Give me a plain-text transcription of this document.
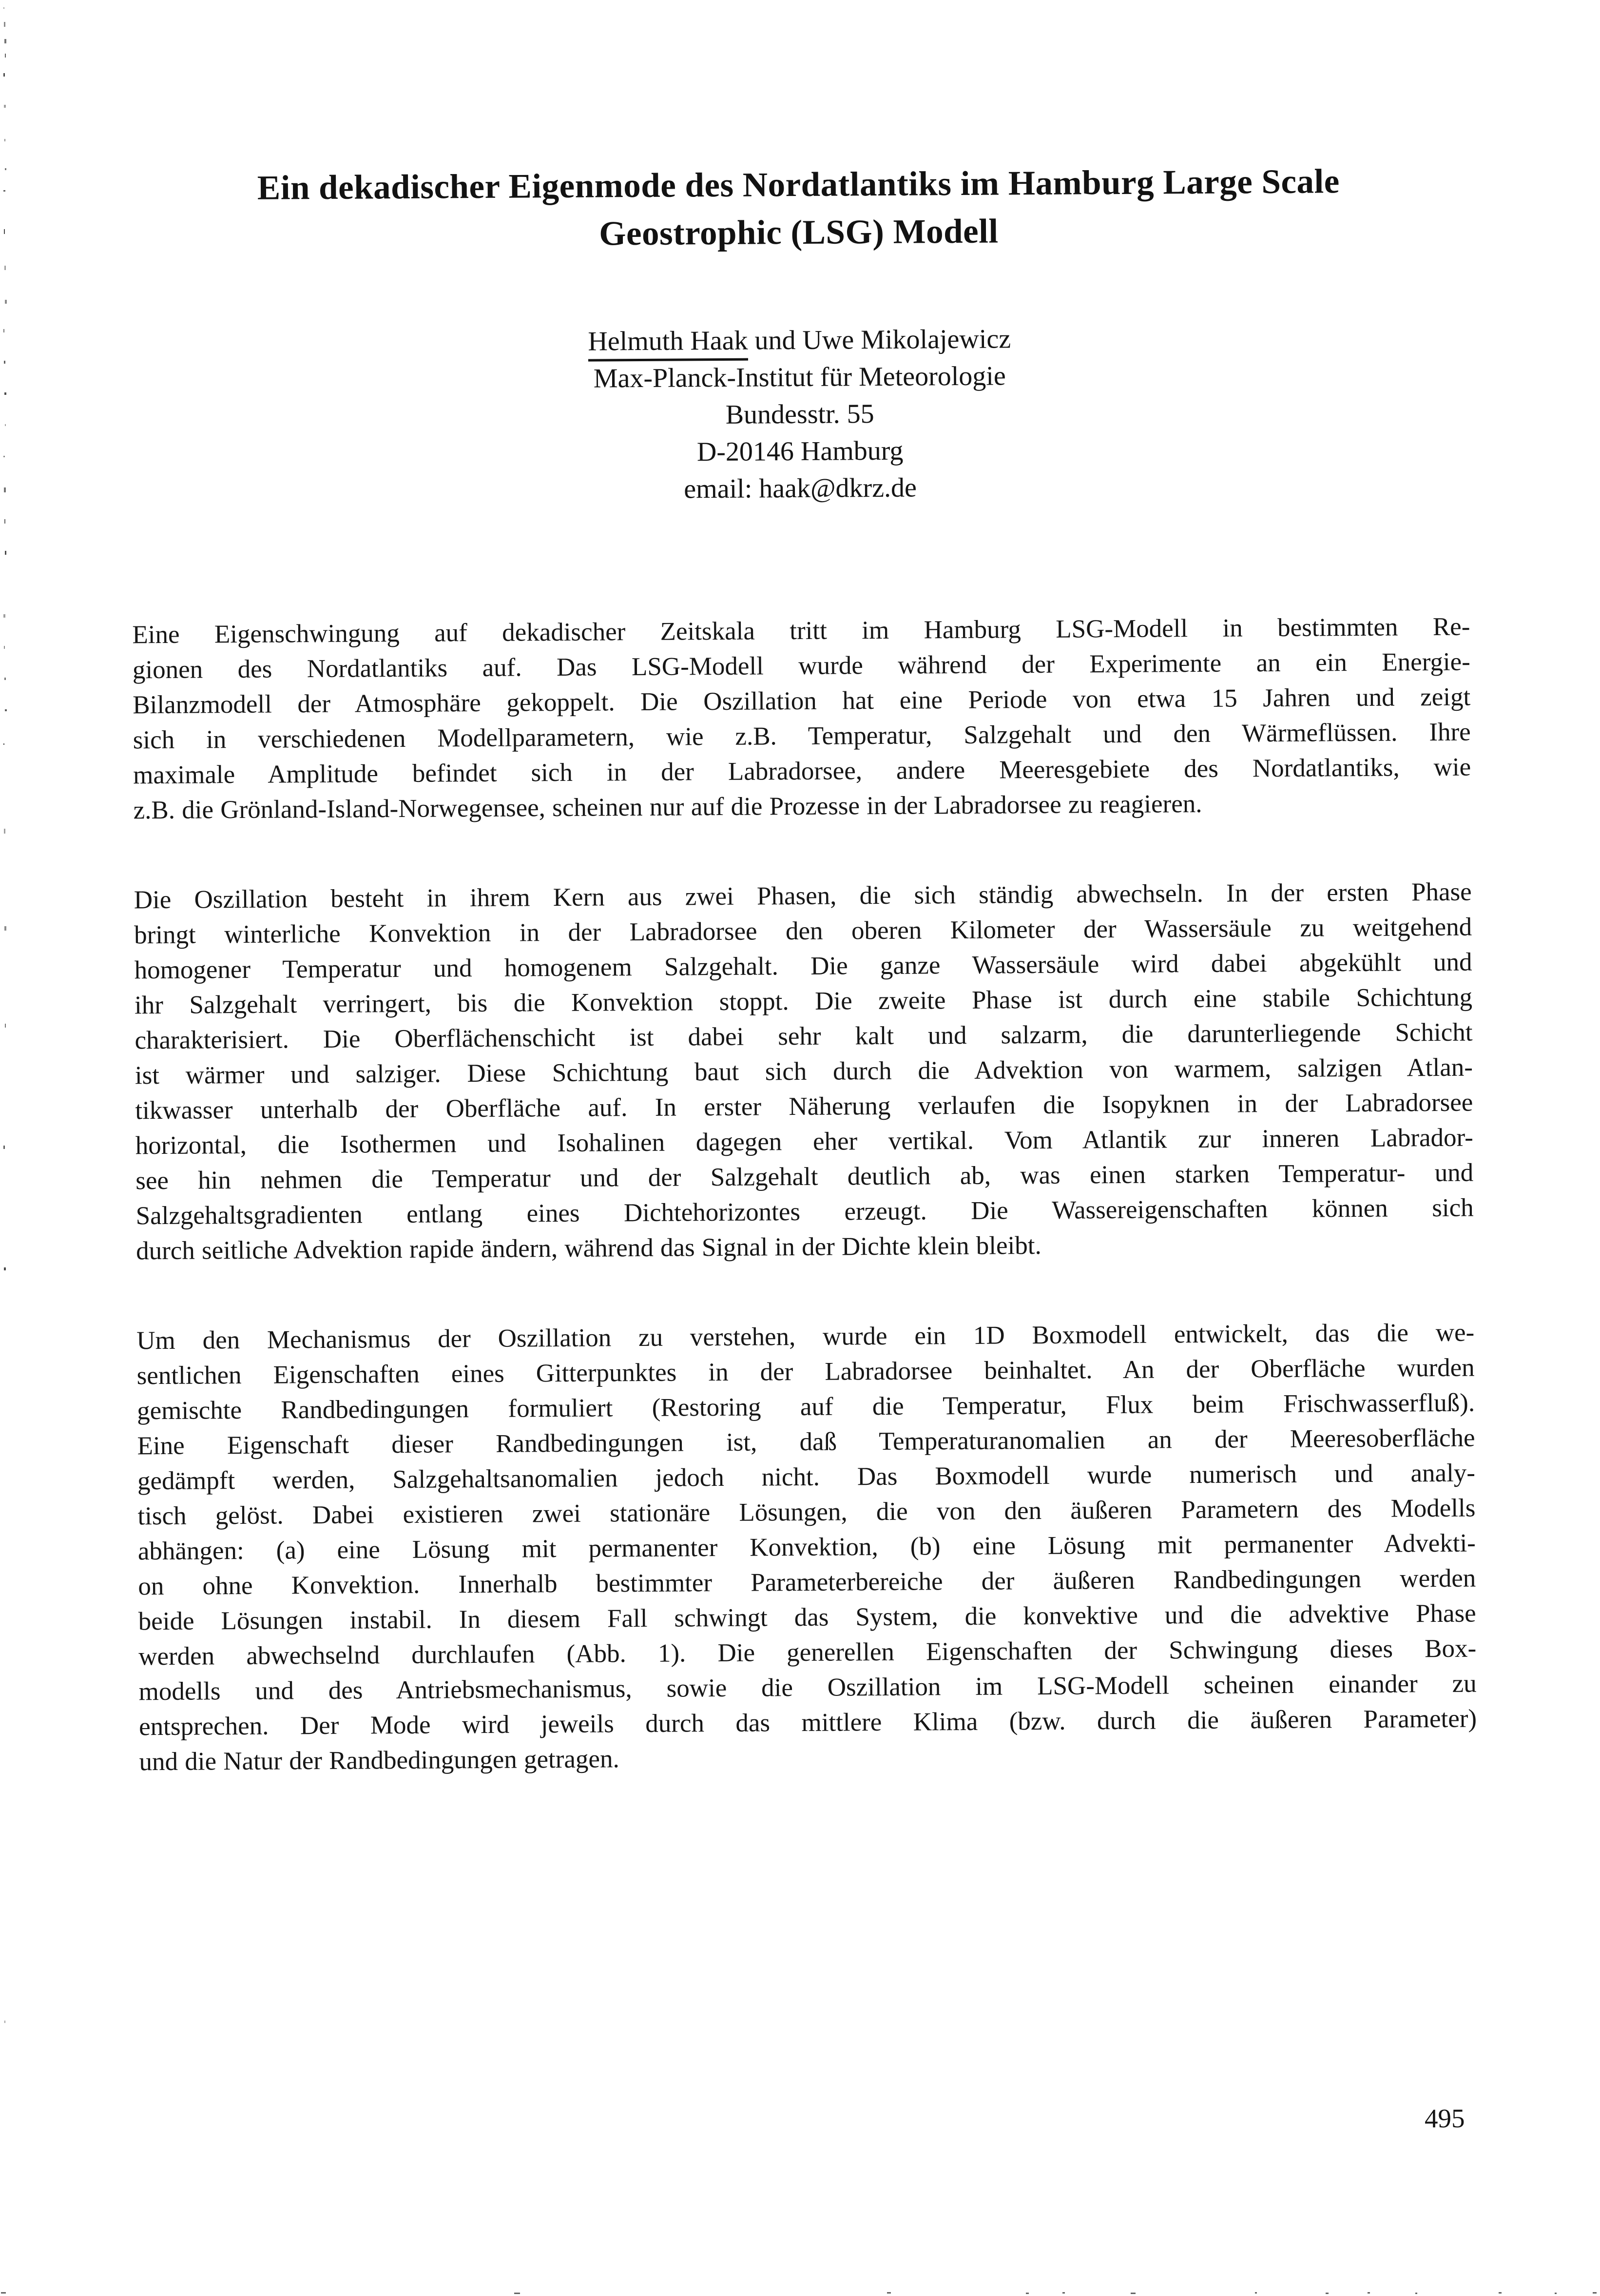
Ein dekadischer Eigenmode des Nordatlantiks im Hamburg Large Scale
Geostrophic (LSG) Modell
Helmuth Haak und Uwe Mikolajewicz
Max-Planck-Institut für Meteorologie
Bundesstr. 55
D-20146 Hamburg
email: haak@dkrz.de
Eine Eigenschwingung auf dekadischer Zeitskala tritt im Hamburg LSG-Modell in bestimmten Re-
gionen des Nordatlantiks auf. Das LSG-Modell wurde während der Experimente an ein Energie-
Bilanzmodell der Atmosphäre gekoppelt. Die Oszillation hat eine Periode von etwa 15 Jahren und zeigt
sich in verschiedenen Modellparametern, wie z.B. Temperatur, Salzgehalt und den Wärmeflüssen. Ihre
maximale Amplitude befindet sich in der Labradorsee, andere Meeresgebiete des Nordatlantiks, wie
z.B. die Grönland-Island-Norwegensee, scheinen nur auf die Prozesse in der Labradorsee zu reagieren.
Die Oszillation besteht in ihrem Kern aus zwei Phasen, die sich ständig abwechseln. In der ersten Phase
bringt winterliche Konvektion in der Labradorsee den oberen Kilometer der Wassersäule zu weitgehend
homogener Temperatur und homogenem Salzgehalt. Die ganze Wassersäule wird dabei abgekühlt und
ihr Salzgehalt verringert, bis die Konvektion stoppt. Die zweite Phase ist durch eine stabile Schichtung
charakterisiert. Die Oberflächenschicht ist dabei sehr kalt und salzarm, die darunterliegende Schicht
ist wärmer und salziger. Diese Schichtung baut sich durch die Advektion von warmem, salzigen Atlan-
tikwasser unterhalb der Oberfläche auf. In erster Näherung verlaufen die Isopyknen in der Labradorsee
horizontal, die Isothermen und Isohalinen dagegen eher vertikal. Vom Atlantik zur inneren Labrador-
see hin nehmen die Temperatur und der Salzgehalt deutlich ab, was einen starken Temperatur- und
Salzgehaltsgradienten entlang eines Dichtehorizontes erzeugt. Die Wassereigenschaften können sich
durch seitliche Advektion rapide ändern, während das Signal in der Dichte klein bleibt.
Um den Mechanismus der Oszillation zu verstehen, wurde ein 1D Boxmodell entwickelt, das die we-
sentlichen Eigenschaften eines Gitterpunktes in der Labradorsee beinhaltet. An der Oberfläche wurden
gemischte Randbedingungen formuliert (Restoring auf die Temperatur, Flux beim Frischwasserfluß).
Eine Eigenschaft dieser Randbedingungen ist, daß Temperaturanomalien an der Meeresoberfläche
gedämpft werden, Salzgehaltsanomalien jedoch nicht. Das Boxmodell wurde numerisch und analy-
tisch gelöst. Dabei existieren zwei stationäre Lösungen, die von den äußeren Parametern des Modells
abhängen: (a) eine Lösung mit permanenter Konvektion, (b) eine Lösung mit permanenter Advekti-
on ohne Konvektion. Innerhalb bestimmter Parameterbereiche der äußeren Randbedingungen werden
beide Lösungen instabil. In diesem Fall schwingt das System, die konvektive und die advektive Phase
werden abwechselnd durchlaufen (Abb. 1). Die generellen Eigenschaften der Schwingung dieses Box-
modells und des Antriebsmechanismus, sowie die Oszillation im LSG-Modell scheinen einander zu
entsprechen. Der Mode wird jeweils durch das mittlere Klima (bzw. durch die äußeren Parameter)
und die Natur der Randbedingungen getragen.
495
